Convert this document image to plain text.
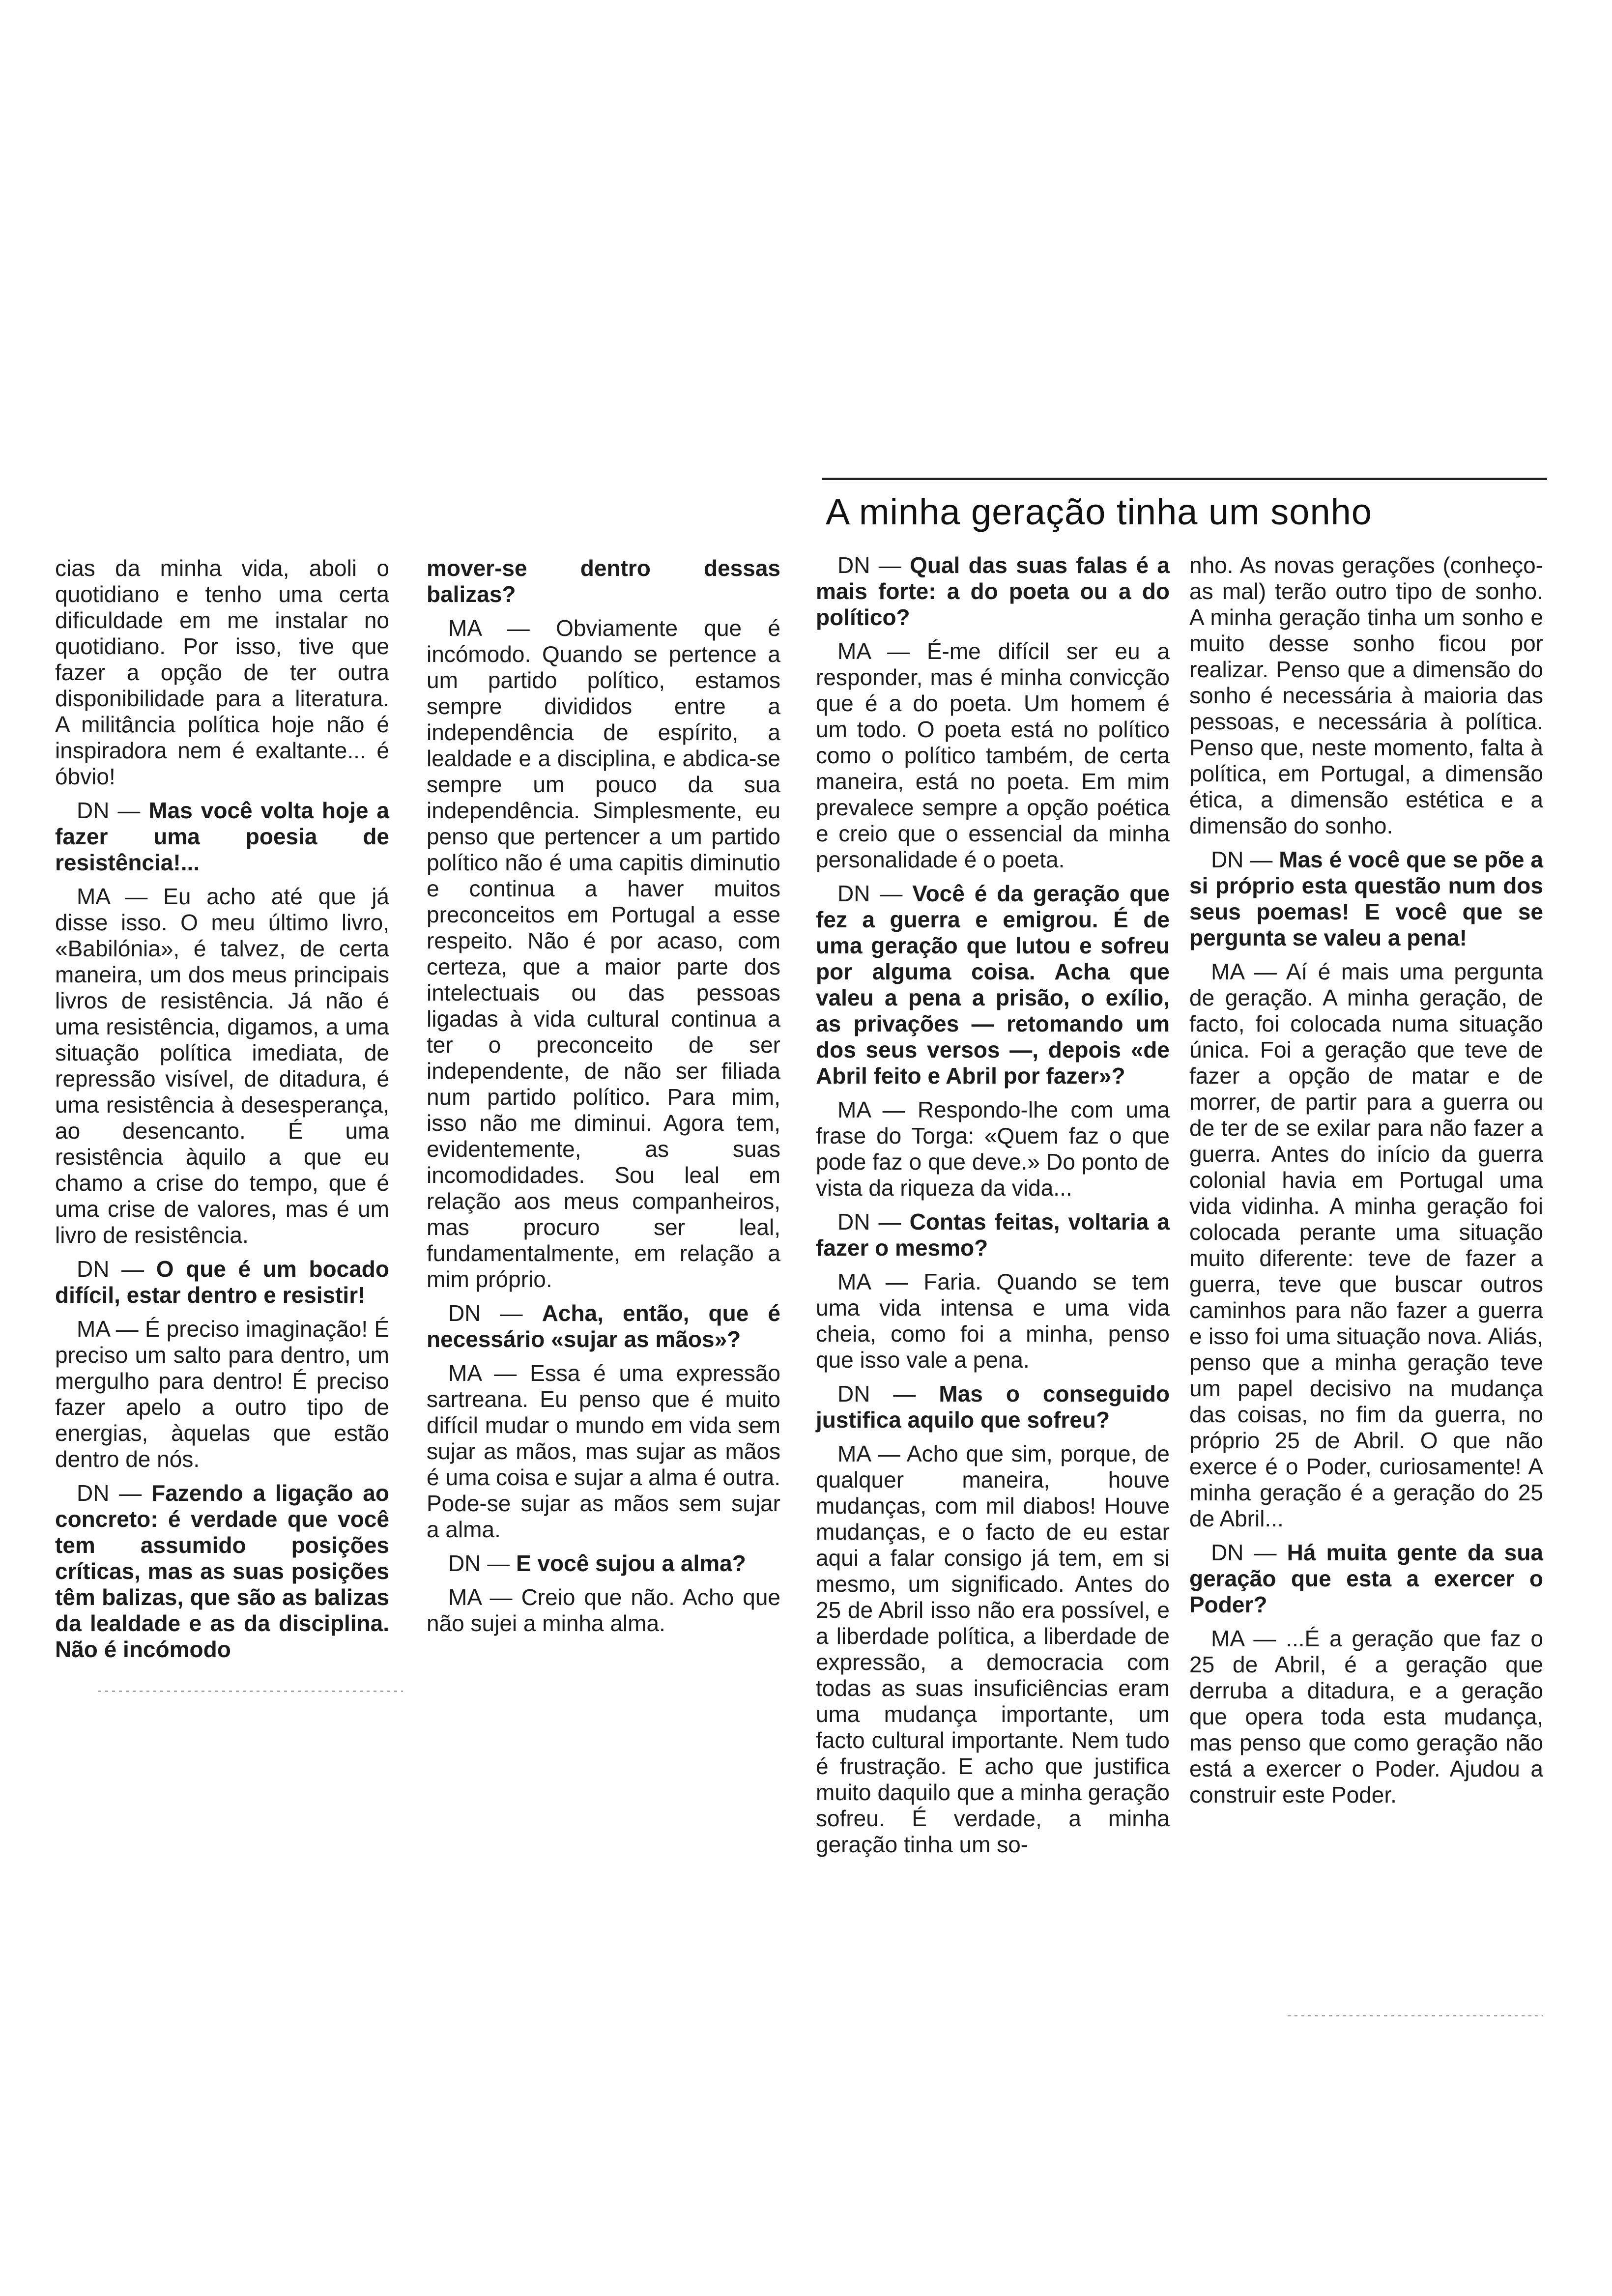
A minha geração tinha um sonho

cias da minha vida, aboli o quotidiano e tenho uma certa dificuldade em me instalar no quotidiano. Por isso, tive que fazer a opção de ter outra disponibilidade para a literatura. A militância política hoje não é inspiradora nem é exaltante... é óbvio!

DN — Mas você volta hoje a fazer uma poesia de resistência!...

MA — Eu acho até que já disse isso. O meu último livro, «Babilónia», é talvez, de certa maneira, um dos meus principais livros de resistência. Já não é uma resistência, digamos, a uma situação política imediata, de repressão visível, de ditadura, é uma resistência à desesperança, ao desencanto. É uma resistência àquilo a que eu chamo a crise do tempo, que é uma crise de valores, mas é um livro de resistência.

DN — O que é um bocado difícil, estar dentro e resistir!

MA — É preciso imaginação! É preciso um salto para dentro, um mergulho para dentro! É preciso fazer apelo a outro tipo de energias, àquelas que estão dentro de nós.

DN — Fazendo a ligação ao concreto: é verdade que você tem assumido posições críticas, mas as suas posições têm balizas, que são as balizas da lealdade e as da disciplina. Não é incómodo

mover-se dentro dessas balizas?

MA — Obviamente que é incómodo. Quando se pertence a um partido político, estamos sempre divididos entre a independência de espírito, a lealdade e a disciplina, e abdica-se sempre um pouco da sua independência. Simplesmente, eu penso que pertencer a um partido político não é uma capitis diminutio e continua a haver muitos preconceitos em Portugal a esse respeito. Não é por acaso, com certeza, que a maior parte dos intelectuais ou das pessoas ligadas à vida cultural continua a ter o preconceito de ser independente, de não ser filiada num partido político. Para mim, isso não me diminui. Agora tem, evidentemente, as suas incomodidades. Sou leal em relação aos meus companheiros, mas procuro ser leal, fundamentalmente, em relação a mim próprio.

DN — Acha, então, que é necessário «sujar as mãos»?

MA — Essa é uma expressão sartreana. Eu penso que é muito difícil mudar o mundo em vida sem sujar as mãos, mas sujar as mãos é uma coisa e sujar a alma é outra. Pode-se sujar as mãos sem sujar a alma.

DN — E você sujou a alma?

MA — Creio que não. Acho que não sujei a minha alma.

DN — Qual das suas falas é a mais forte: a do poeta ou a do político?

MA — É-me difícil ser eu a responder, mas é minha convicção que é a do poeta. Um homem é um todo. O poeta está no político como o político também, de certa maneira, está no poeta. Em mim prevalece sempre a opção poética e creio que o essencial da minha personalidade é o poeta.

DN — Você é da geração que fez a guerra e emigrou. É de uma geração que lutou e sofreu por alguma coisa. Acha que valeu a pena a prisão, o exílio, as privações — retomando um dos seus versos —, depois «de Abril feito e Abril por fazer»?

MA — Respondo-lhe com uma frase do Torga: «Quem faz o que pode faz o que deve.» Do ponto de vista da riqueza da vida...

DN — Contas feitas, voltaria a fazer o mesmo?

MA — Faria. Quando se tem uma vida intensa e uma vida cheia, como foi a minha, penso que isso vale a pena.

DN — Mas o conseguido justifica aquilo que sofreu?

MA — Acho que sim, porque, de qualquer maneira, houve mudanças, com mil diabos! Houve mudanças, e o facto de eu estar aqui a falar consigo já tem, em si mesmo, um significado. Antes do 25 de Abril isso não era possível, e a liberdade política, a liberdade de expressão, a democracia com todas as suas insuficiências eram uma mudança importante, um facto cultural importante. Nem tudo é frustração. E acho que justifica muito daquilo que a minha geração sofreu. É verdade, a minha geração tinha um so-

nho. As novas gerações (conheço-as mal) terão outro tipo de sonho. A minha geração tinha um sonho e muito desse sonho ficou por realizar. Penso que a dimensão do sonho é necessária à maioria das pessoas, e necessária à política. Penso que, neste momento, falta à política, em Portugal, a dimensão ética, a dimensão estética e a dimensão do sonho.

DN — Mas é você que se põe a si próprio esta questão num dos seus poemas! E você que se pergunta se valeu a pena!

MA — Aí é mais uma pergunta de geração. A minha geração, de facto, foi colocada numa situação única. Foi a geração que teve de fazer a opção de matar e de morrer, de partir para a guerra ou de ter de se exilar para não fazer a guerra. Antes do início da guerra colonial havia em Portugal uma vida vidinha. A minha geração foi colocada perante uma situação muito diferente: teve de fazer a guerra, teve que buscar outros caminhos para não fazer a guerra e isso foi uma situação nova. Aliás, penso que a minha geração teve um papel decisivo na mudança das coisas, no fim da guerra, no próprio 25 de Abril. O que não exerce é o Poder, curiosamente! A minha geração é a geração do 25 de Abril...

DN — Há muita gente da sua geração que esta a exercer o Poder?

MA — ...É a geração que faz o 25 de Abril, é a geração que derruba a ditadura, e a geração que opera toda esta mudança, mas penso que como geração não está a exercer o Poder. Ajudou a construir este Poder.
